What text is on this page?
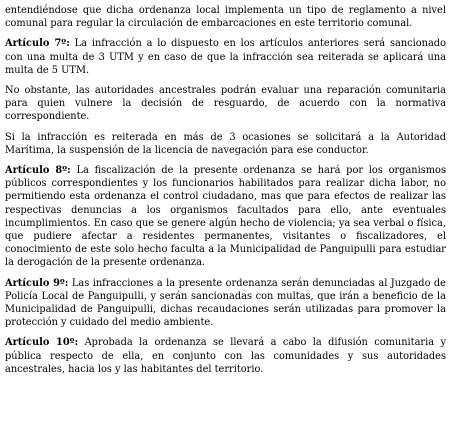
entendiéndose que dicha ordenanza local implementa un tipo de reglamento a nivel comunal para regular la circulación de embarcaciones en este territorio comunal.

Artículo 7º: La infracción a lo dispuesto en los artículos anteriores será sancionado con una multa de 3 UTM y en caso de que la infracción sea reiterada se aplicará una multa de 5 UTM.

No obstante, las autoridades ancestrales podrán evaluar una reparación comunitaria para quien vulnere la decisión de resguardo, de acuerdo con la normativa correspondiente.

Si la infracción es reiterada en más de 3 ocasiones se solicitará a la Autoridad Marítima, la suspensión de la licencia de navegación para ese conductor.

Artículo 8º: La fiscalización de la presente ordenanza se hará por los organismos públicos correspondientes y los funcionarios habilitados para realizar dicha labor, no permitiendo esta ordenanza el control ciudadano, mas que para efectos de realizar las respectivas denuncias a los organismos facultados para ello, ante eventuales incumplimientos. En caso que se genere algún hecho de violencia; ya sea verbal o física, que pudiere afectar a residentes permanentes, visitantes o fiscalizadores, el conocimiento de este solo hecho faculta a la Municipalidad de Panguipulli para estudiar la derogación de la presente ordenanza.

Artículo 9º: Las infracciones a la presente ordenanza serán denunciadas al Juzgado de Policía Local de Panguipulli, y serán sancionadas con multas, que irán a beneficio de la Municipalidad de Panguipulli, dichas recaudaciones serán utilizadas para promover la protección y cuidado del medio ambiente.

Artículo 10º: Aprobada la ordenanza se llevará a cabo la difusión comunitaria y pública respecto de ella, en conjunto con las comunidades y sus autoridades ancestrales, hacia los y las habitantes del territorio.
